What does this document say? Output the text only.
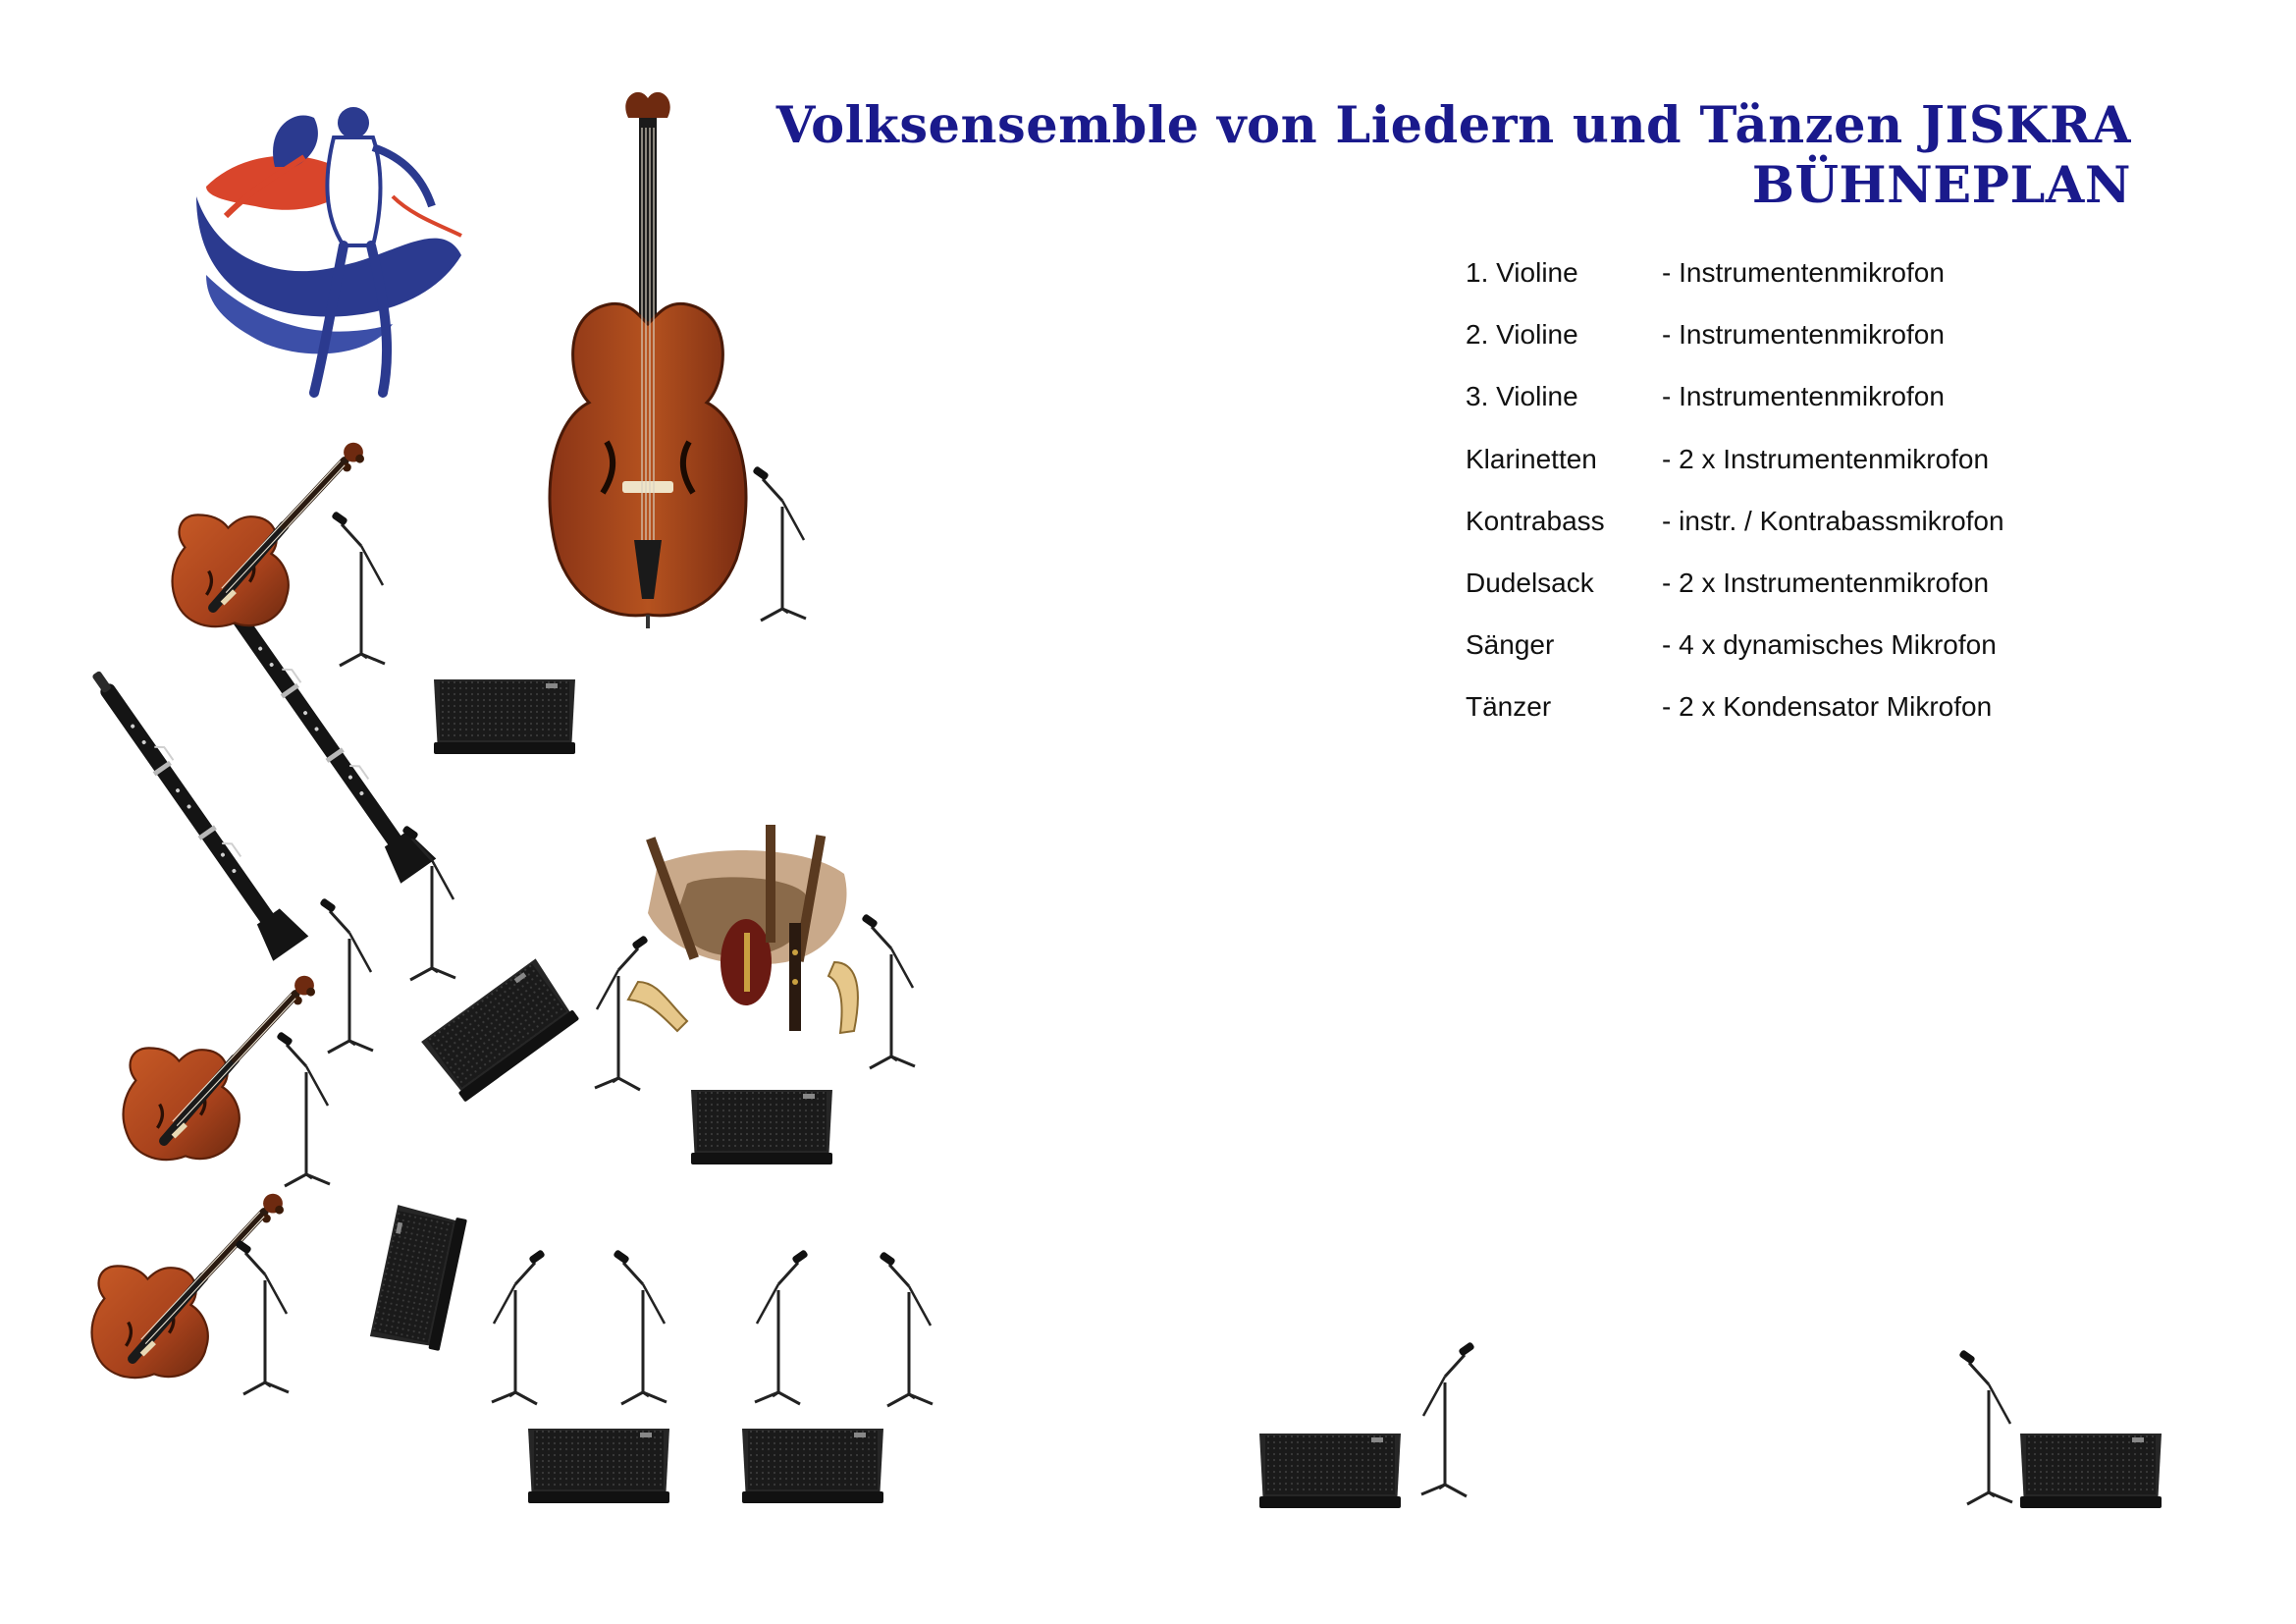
Volksensemble von Liedern und Tänzen JISKRA
BÜHNEPLAN
1. Violine	- Instrumentenmikrofon
2. Violine	- Instrumentenmikrofon
3. Violine	- Instrumentenmikrofon
Klarinetten	- 2 x Instrumentenmikrofon
Kontrabass	- instr. / Kontrabassmikrofon
Dudelsack	- 2 x Instrumentenmikrofon
Sänger	- 4 x dynamisches Mikrofon
Tänzer	- 2 x Kondensator Mikrofon
